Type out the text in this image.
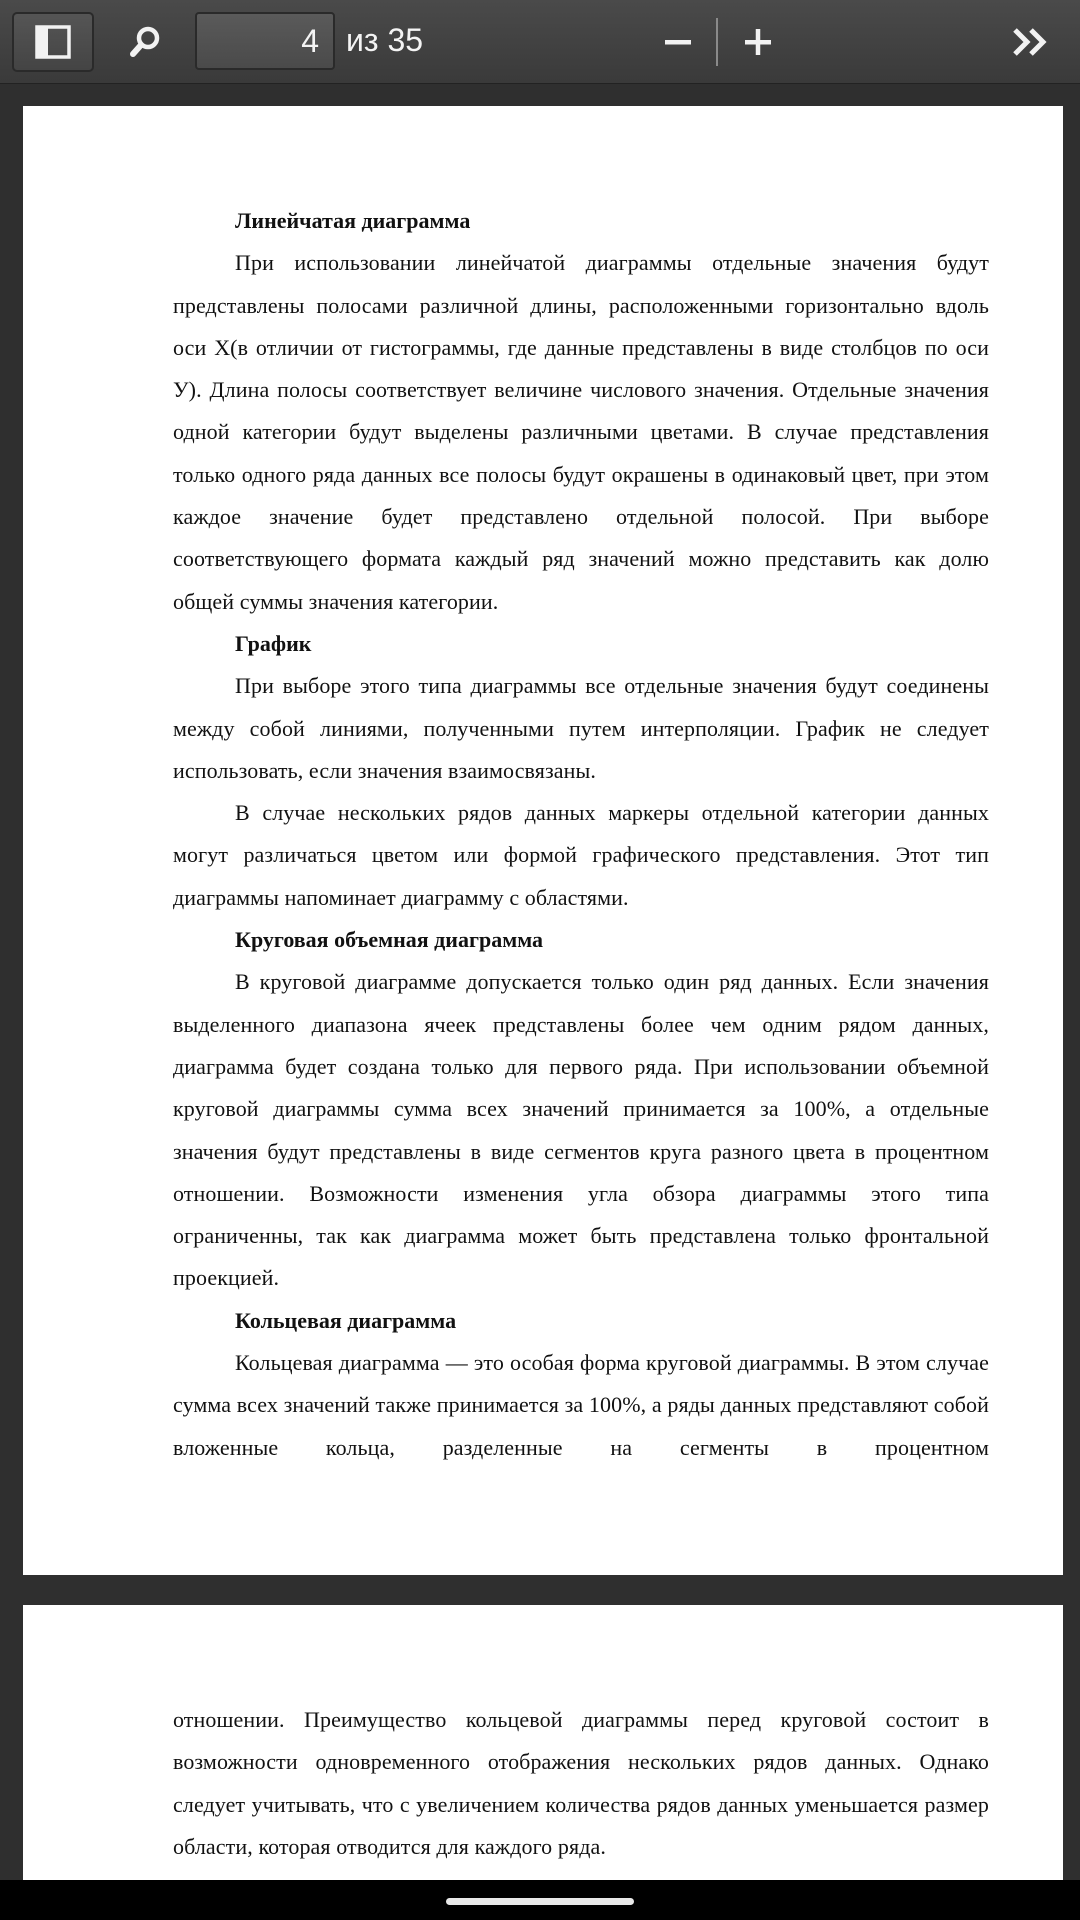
4 из 35
Линейчатая диаграмма

При использовании линейчатой диаграммы отдельные значения будут представлены полосами различной длины, расположенными горизонтально вдоль оси X(в отличии от гистограммы, где данные представлены в виде столбцов по оси У). Длина полосы соответствует величине числового значения. Отдельные значения одной категории будут выделены различными цветами. В случае представления только одного ряда данных все полосы будут окрашены в одинаковый цвет, при этом каждое значение будет представлено отдельной полосой. При выборе соответствующего формата каждый ряд значений можно представить как долю общей суммы значения категории.

График

При выборе этого типа диаграммы все отдельные значения будут соединены между собой линиями, полученными путем интерполяции. График не следует использовать, если значения взаимосвязаны.

В случае нескольких рядов данных маркеры отдельной категории данных могут различаться цветом или формой графического представления. Этот тип диаграммы напоминает диаграмму с областями.

Круговая объемная диаграмма

В круговой диаграмме допускается только один ряд данных. Если значения выделенного диапазона ячеек представлены более чем одним рядом данных, диаграмма будет создана только для первого ряда. При использовании объемной круговой диаграммы сумма всех значений принимается за 100%, а отдельные значения будут представлены в виде сегментов круга разного цвета в процентном отношении. Возможности изменения угла обзора диаграммы этого типа ограниченны, так как диаграмма может быть представлена только фронтальной проекцией.

Кольцевая диаграмма

Кольцевая диаграмма — это особая форма круговой диаграммы. В этом случае сумма всех значений также принимается за 100%, а ряды данных представляют собой вложенные кольца, разделенные на сегменты в процентном

отношении. Преимущество кольцевой диаграммы перед круговой состоит в возможности одновременного отображения нескольких рядов данных. Однако следует учитывать, что с увеличением количества рядов данных уменьшается размер области, которая отводится для каждого ряда.
